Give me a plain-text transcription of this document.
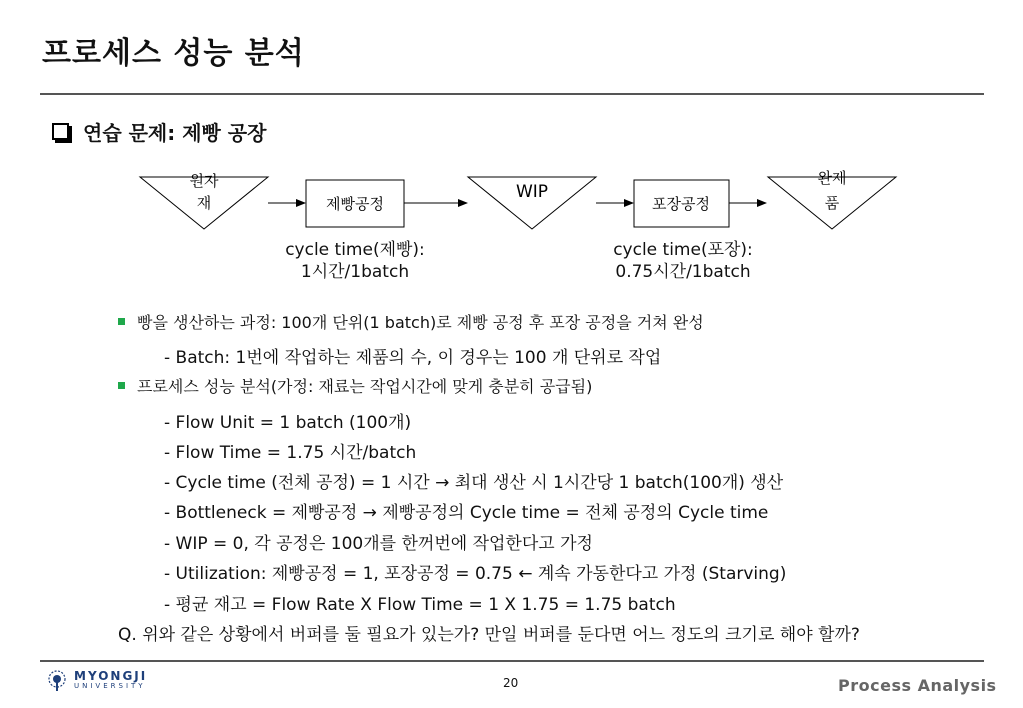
프로세스 성능 분석
연습 문제: 제빵 공장
원자
재	제빵공정
WIP
포장공정
완제
품
cycle time(제빵):
1시간/1batch
cycle time(포장):
0.75시간/1batch
빵을 생산하는 과정: 100개 단위(1 batch)로 제빵 공정 후 포장 공정을 거쳐 완성
- Batch: 1번에 작업하는 제품의 수, 이 경우는 100 개 단위로 작업
프로세스 성능 분석(가정: 재료는 작업시간에 맞게 충분히 공급됨)
- Flow Unit = 1 batch (100개)
- Flow Time = 1.75 시간/batch
- Cycle time (전체 공정) = 1 시간 → 최대 생산 시 1시간당 1 batch(100개) 생산
- Bottleneck = 제빵공정 → 제빵공정의 Cycle time = 전체 공정의 Cycle time
- WIP = 0, 각 공정은 100개를 한꺼번에 작업한다고 가정
- Utilization: 제빵공정 = 1, 포장공정 = 0.75 ← 계속 가동한다고 가정 (Starving)
- 평균 재고 = Flow Rate X Flow Time = 1 X 1.75 = 1.75 batch
Q. 위와 같은 상황에서 버퍼를 둘 필요가 있는가? 만일 버퍼를 둔다면 어느 정도의 크기로 해야 할까?
MYONGJI
UNIVERSITY	20	Process Analysis
